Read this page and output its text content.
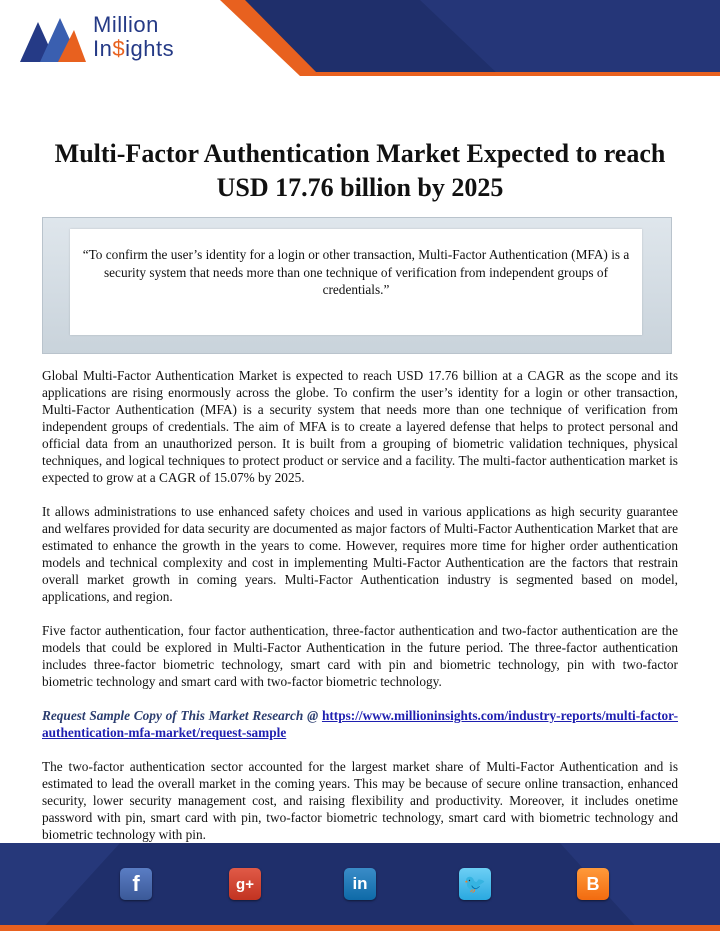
Million
In$ights
Multi-Factor Authentication Market Expected to reach USD 17.76 billion by 2025
“To confirm the user’s identity for a login or other transaction, Multi-Factor Authentication (MFA) is a security system that needs more than one technique of verification from independent groups of credentials.”

Global Multi-Factor Authentication Market is expected to reach USD 17.76 billion at a CAGR as the scope and its applications are rising enormously across the globe. To confirm the user’s identity for a login or other transaction, Multi-Factor Authentication (MFA) is a security system that needs more than one technique of verification from independent groups of credentials. The aim of MFA is to create a layered defense that helps to protect personal and official data from an unauthorized person. It is built from a grouping of biometric validation techniques, physical techniques, and logical techniques to protect product or service and a facility. The multi-factor authentication market is expected to grow at a CAGR of 15.07% by 2025.

It allows administrations to use enhanced safety choices and used in various applications as high security guarantee and welfares provided for data security are documented as major factors of Multi-Factor Authentication Market that are estimated to enhance the growth in the years to come. However, requires more time for higher order authentication models and technical complexity and cost in implementing Multi-Factor Authentication are the factors that restrain overall market growth in coming years. Multi-Factor Authentication industry is segmented based on model, applications, and region.

Five factor authentication, four factor authentication, three-factor authentication and two-factor authentication are the models that could be explored in Multi-Factor Authentication in the future period. The three-factor authentication includes three-factor biometric technology, smart card with pin and biometric technology, pin with two-factor biometric technology and smart card with two-factor biometric technology.

Request Sample Copy of This Market Research @ https://www.millioninsights.com/industry-reports/multi-factor-authentication-mfa-market/request-sample

The two-factor authentication sector accounted for the largest market share of Multi-Factor Authentication and is estimated to lead the overall market in the coming years. This may be because of secure online transaction, enhanced security, lower security management cost, and raising flexibility and productivity. Moreover, it includes onetime password with pin, smart card with pin, two-factor biometric technology, smart card with biometric technology and biometric technology with pin.

f	g+	in	🐦	B
